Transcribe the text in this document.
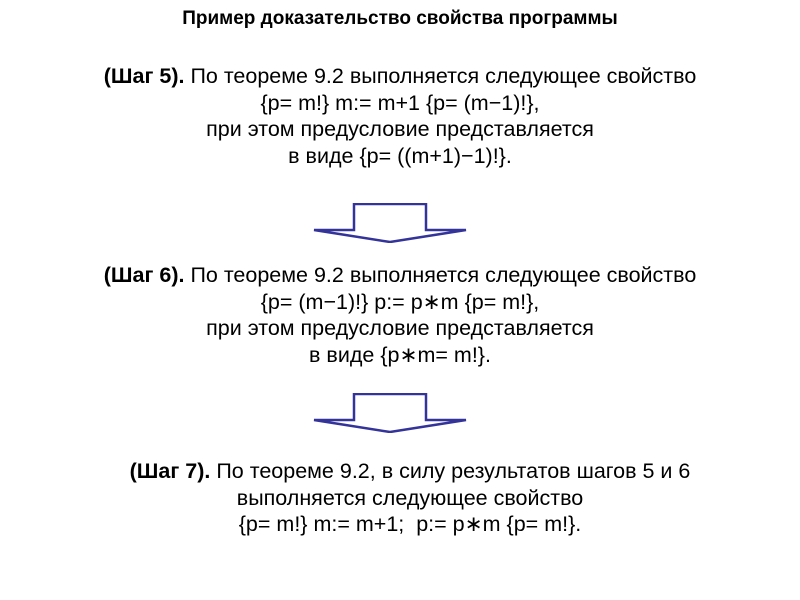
Пример доказательство свойства программы
(Шаг 5). По теореме 9.2 выполняется следующее свойство
{p= m!} m:= m+1 {p= (m−1)!},
при этом предусловие представляется
в виде {p= ((m+1)−1)!}.
(Шаг 6). По теореме 9.2 выполняется следующее свойство
{p= (m−1)!} p:= p∗m {p= m!},
при этом предусловие представляется
в виде {p∗m= m!}.
(Шаг 7). По теореме 9.2, в силу результатов шагов 5 и 6
выполняется следующее свойство
{p= m!} m:= m+1;  p:= p∗m {p= m!}.
